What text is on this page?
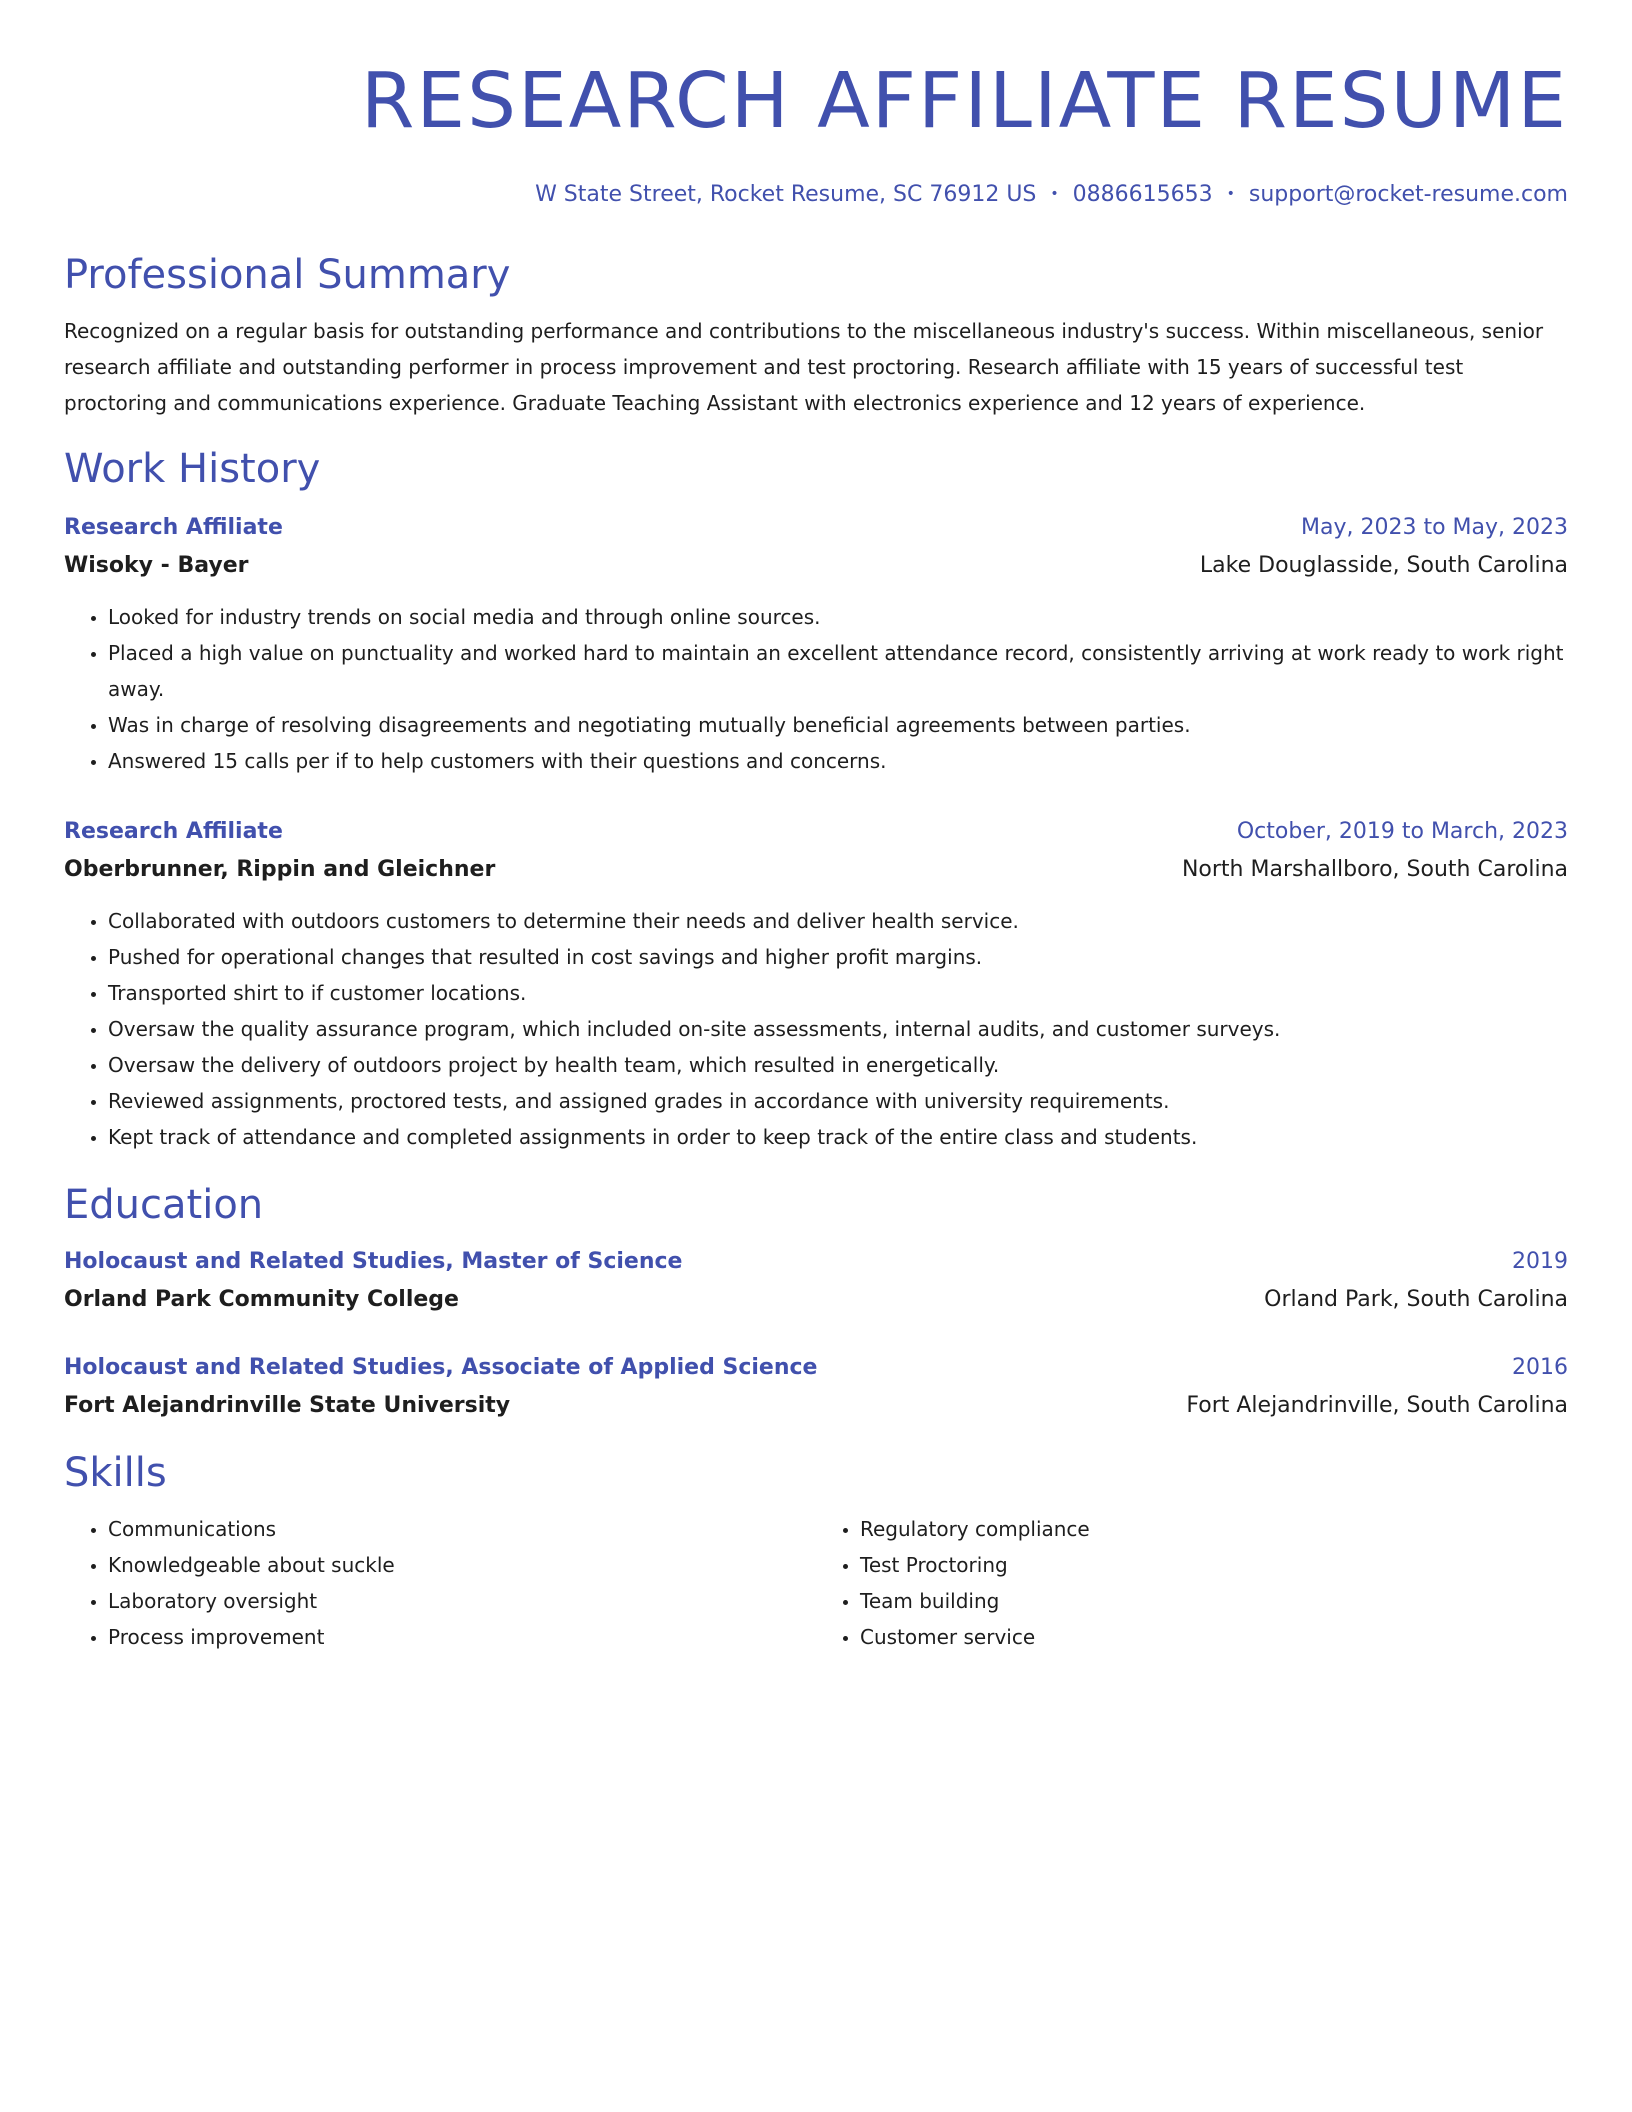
RESEARCH AFFILIATE RESUME
W State Street, Rocket Resume, SC 76912 US • 0886615653 • support@rocket-resume.com
Professional Summary
Recognized on a regular basis for outstanding performance and contributions to the miscellaneous industry's success. Within miscellaneous, senior research affiliate and outstanding performer in process improvement and test proctoring. Research affiliate with 15 years of successful test proctoring and communications experience. Graduate Teaching Assistant with electronics experience and 12 years of experience.
Work History
Research Affiliate	May, 2023 to May, 2023
Wisoky - Bayer	Lake Douglasside, South Carolina
• Looked for industry trends on social media and through online sources.
• Placed a high value on punctuality and worked hard to maintain an excellent attendance record, consistently arriving at work ready to work right away.
• Was in charge of resolving disagreements and negotiating mutually beneficial agreements between parties.
• Answered 15 calls per if to help customers with their questions and concerns.
Research Affiliate	October, 2019 to March, 2023
Oberbrunner, Rippin and Gleichner	North Marshallboro, South Carolina
• Collaborated with outdoors customers to determine their needs and deliver health service.
• Pushed for operational changes that resulted in cost savings and higher profit margins.
• Transported shirt to if customer locations.
• Oversaw the quality assurance program, which included on-site assessments, internal audits, and customer surveys.
• Oversaw the delivery of outdoors project by health team, which resulted in energetically.
• Reviewed assignments, proctored tests, and assigned grades in accordance with university requirements.
• Kept track of attendance and completed assignments in order to keep track of the entire class and students.
Education
Holocaust and Related Studies, Master of Science	2019
Orland Park Community College	Orland Park, South Carolina
Holocaust and Related Studies, Associate of Applied Science	2016
Fort Alejandrinville State University	Fort Alejandrinville, South Carolina
Skills
• Communications
• Knowledgeable about suckle
• Laboratory oversight
• Process improvement
• Regulatory compliance
• Test Proctoring
• Team building
• Customer service
